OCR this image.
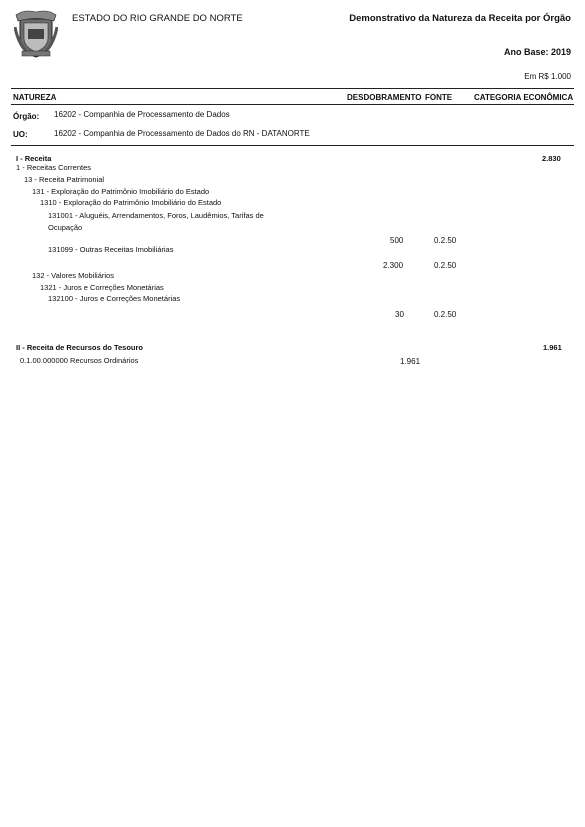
ESTADO DO RIO GRANDE DO NORTE	Demonstrativo da Natureza da Receita por Órgão
Ano Base: 2019
Em R$ 1.000
NATUREZA	DESDOBRAMENTO FONTE	CATEGORIA ECONÔMICA
Órgão: 16202 - Companhia de Processamento de Dados
UO:	16202 - Companhia de Processamento de Dados do RN - DATANORTE
I - Receita	2.830
1 - Receitas Correntes
13 - Receita Patrimonial
131 - Exploração do Patrimônio Imobiliário do Estado
1310 - Exploração do Patrimônio Imobiliário do Estado
131001 - Aluguéis, Arrendamentos, Foros, Laudêmios, Tarifas de
Ocupação
500	0.2.50
131099 - Outras Receitas Imobiliárias
2.300	0.2.50
132 - Valores Mobiliários
1321 - Juros e Correções Monetárias
132100 - Juros e Correções Monetárias
30	0.2.50
II - Receita de Recursos do Tesouro	1.961
0.1.00.000000 Recursos Ordinários	1.961
